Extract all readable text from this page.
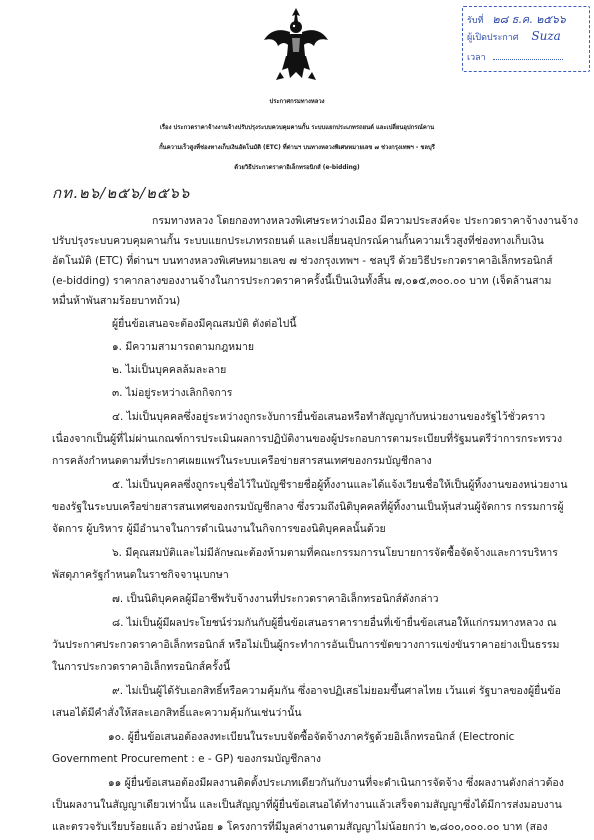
รับที่ ๒๘ ธ.ค. ๒๕๖๖
ผู้เปิดประกาศ Suza
เวลา
ประกาศกรมทางหลวง
เรื่อง ประกวดราคาจ้างงานจ้างปรับปรุงระบบควบคุมคานกั้น ระบบแยกประเภทรถยนต์ และเปลี่ยนอุปกรณ์คาน
กั้นความเร็วสูงที่ช่องทางเก็บเงินอัตโนมัติ (ETC) ที่ด่านฯ บนทางหลวงพิเศษหมายเลข ๗ ช่วงกรุงเทพฯ - ชลบุรี
ด้วยวิธีประกวดราคาอิเล็กทรอนิกส์ (e-bidding)
กท.๒๖/๒๕๖/๒๕๖๖
กรมทางหลวง โดยกองทางหลวงพิเศษระหว่างเมือง มีความประสงค์จะ ประกวดราคาจ้างงานจ้าง
ปรับปรุงระบบควบคุมคานกั้น ระบบแยกประเภทรถยนต์ และเปลี่ยนอุปกรณ์คานกั้นความเร็วสูงที่ช่องทางเก็บเงิน
อัตโนมัติ (ETC) ที่ด่านฯ บนทางหลวงพิเศษหมายเลข ๗ ช่วงกรุงเทพฯ - ชลบุรี ด้วยวิธีประกวดราคาอิเล็กทรอนิกส์
(e-bidding) ราคากลางของงานจ้างในการประกวดราคาครั้งนี้เป็นเงินทั้งสิ้น ๗,๐๑๕,๓๐๐.๐๐ บาท (เจ็ดล้านสาม
หมื่นห้าพันสามร้อยบาทถ้วน)
ผู้ยื่นข้อเสนอจะต้องมีคุณสมบัติ ดังต่อไปนี้
๑. มีความสามารถตามกฎหมาย
๒. ไม่เป็นบุคคลล้มละลาย
๓. ไม่อยู่ระหว่างเลิกกิจการ
๔. ไม่เป็นบุคคลซึ่งอยู่ระหว่างถูกระงับการยื่นข้อเสนอหรือทำสัญญากับหน่วยงานของรัฐไว้ชั่วคราว
เนื่องจากเป็นผู้ที่ไม่ผ่านเกณฑ์การประเมินผลการปฏิบัติงานของผู้ประกอบการตามระเบียบที่รัฐมนตรีว่าการกระทรวง
การคลังกำหนดตามที่ประกาศเผยแพร่ในระบบเครือข่ายสารสนเทศของกรมบัญชีกลาง
๕. ไม่เป็นบุคคลซึ่งถูกระบุชื่อไว้ในบัญชีรายชื่อผู้ทิ้งงานและได้แจ้งเวียนชื่อให้เป็นผู้ทิ้งงานของหน่วยงาน
ของรัฐในระบบเครือข่ายสารสนเทศของกรมบัญชีกลาง ซึ่งรวมถึงนิติบุคคลที่ผู้ทิ้งงานเป็นหุ้นส่วนผู้จัดการ กรรมการผู้
จัดการ ผู้บริหาร ผู้มีอำนาจในการดำเนินงานในกิจการของนิติบุคคลนั้นด้วย
๖. มีคุณสมบัติและไม่มีลักษณะต้องห้ามตามที่คณะกรรมการนโยบายการจัดซื้อจัดจ้างและการบริหาร
พัสดุภาครัฐกำหนดในราชกิจจานุเบกษา
๗. เป็นนิติบุคคลผู้มีอาชีพรับจ้างงานที่ประกวดราคาอิเล็กทรอนิกส์ดังกล่าว
๘. ไม่เป็นผู้มีผลประโยชน์ร่วมกันกับผู้ยื่นข้อเสนอราคารายอื่นที่เข้ายื่นข้อเสนอให้แก่กรมทางหลวง ณ
วันประกาศประกวดราคาอิเล็กทรอนิกส์ หรือไม่เป็นผู้กระทำการอันเป็นการขัดขวางการแข่งขันราคาอย่างเป็นธรรม
ในการประกวดราคาอิเล็กทรอนิกส์ครั้งนี้
๙. ไม่เป็นผู้ได้รับเอกสิทธิ์หรือความคุ้มกัน ซึ่งอาจปฏิเสธไม่ยอมขึ้นศาลไทย เว้นแต่ รัฐบาลของผู้ยื่นข้อ
เสนอได้มีคำสั่งให้สละเอกสิทธิ์และความคุ้มกันเช่นว่านั้น
๑๐. ผู้ยื่นข้อเสนอต้องลงทะเบียนในระบบจัดซื้อจัดจ้างภาครัฐด้วยอิเล็กทรอนิกส์ (Electronic
Government Procurement : e - GP) ของกรมบัญชีกลาง
๑๑ ผู้ยื่นข้อเสนอต้องมีผลงานติดตั้งประเภทเดียวกันกับงานที่จะดำเนินการจัดจ้าง ซึ่งผลงานดังกล่าวต้อง
เป็นผลงานในสัญญาเดียวเท่านั้น และเป็นสัญญาที่ผู้ยื่นข้อเสนอได้ทำงานแล้วเสร็จตามสัญญาซึ่งได้มีการส่งมอบงาน
และตรวจรับเรียบร้อยแล้ว อย่างน้อย ๑ โครงการที่มีมูลค่างานตามสัญญาไม่น้อยกว่า ๒,๘๐๐,๐๐๐.๐๐ บาท (สอง
